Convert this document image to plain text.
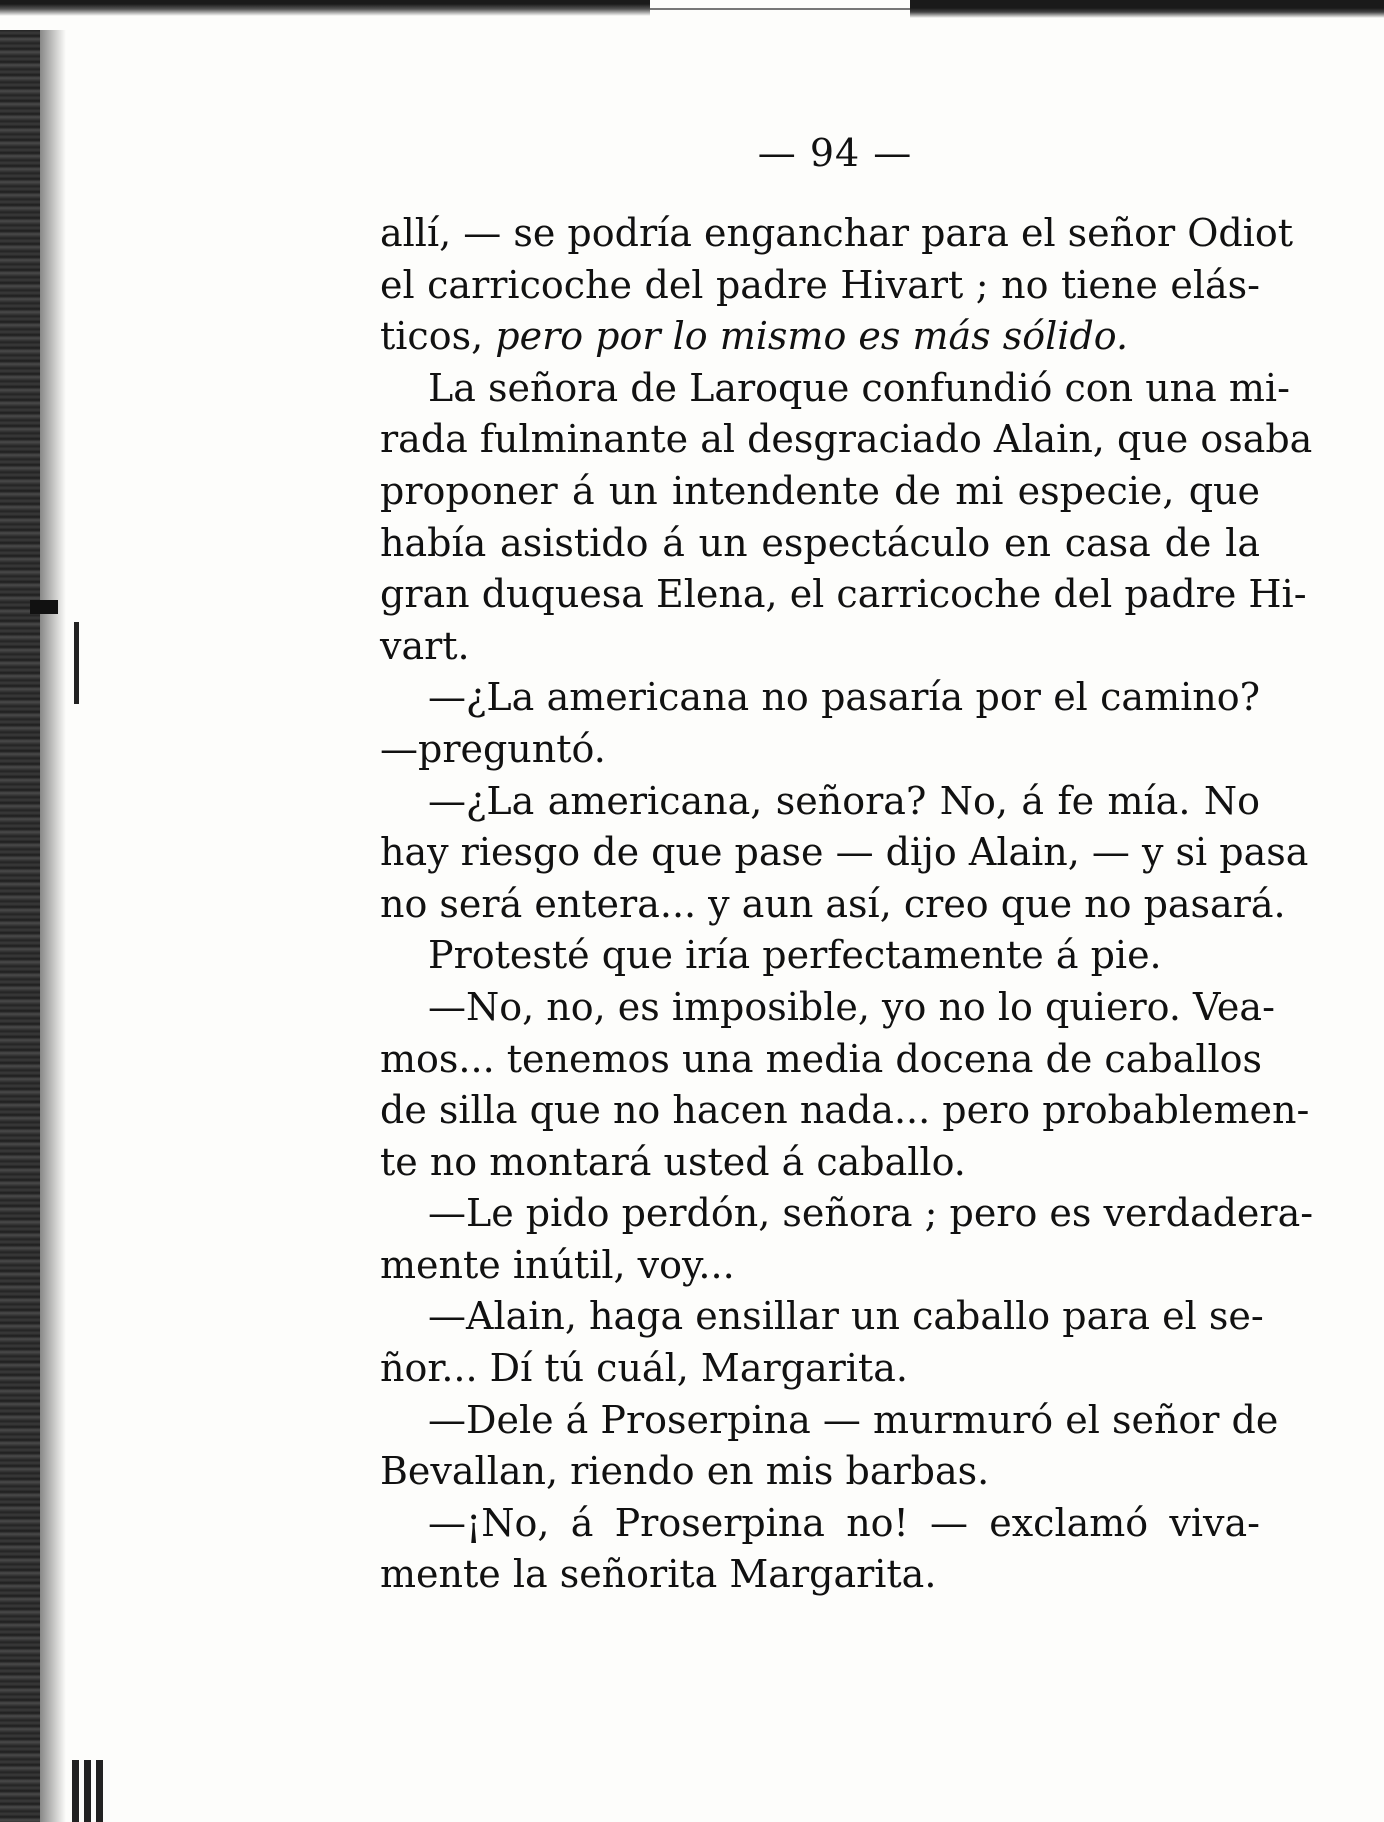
— 94 —
allí, — se podría enganchar para el señor Odiot
el carricoche del padre Hivart ; no tiene elás-
ticos, pero por lo mismo es más sólido.
La señora de Laroque confundió con una mi-
rada fulminante al desgraciado Alain, que osaba
proponer á un intendente de mi especie, que
había asistido á un espectáculo en casa de la
gran duquesa Elena, el carricoche del padre Hi-
vart.
—¿La americana no pasaría por el camino?
—preguntó.
—¿La americana, señora? No, á fe mía. No
hay riesgo de que pase — dijo Alain, — y si pasa
no será entera... y aun así, creo que no pasará.
Protesté que iría perfectamente á pie.
—No, no, es imposible, yo no lo quiero. Vea-
mos... tenemos una media docena de caballos
de silla que no hacen nada... pero probablemen-
te no montará usted á caballo.
—Le pido perdón, señora ; pero es verdadera-
mente inútil, voy...
—Alain, haga ensillar un caballo para el se-
ñor... Dí tú cuál, Margarita.
—Dele á Proserpina — murmuró el señor de
Bevallan, riendo en mis barbas.
—¡No, á Proserpina no! — exclamó viva-
mente la señorita Margarita.
